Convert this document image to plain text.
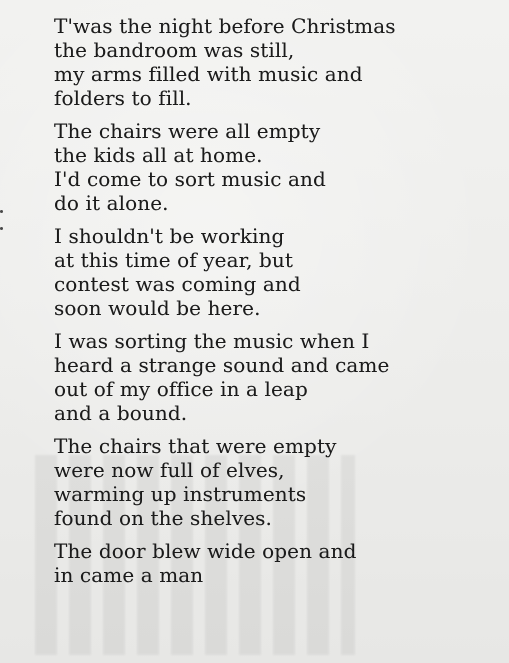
T'was the night before Christmas
the bandroom was still,
my arms filled with music and
folders to fill.
The chairs were all empty
the kids all at home.
I'd come to sort music and
do it alone.
I shouldn't be working
at this time of year, but
contest was coming and
soon would be here.
I was sorting the music when I
heard a strange sound and came
out of my office in a leap
and a bound.
The chairs that were empty
were now full of elves,
warming up instruments
found on the shelves.
The door blew wide open and
in came a man
